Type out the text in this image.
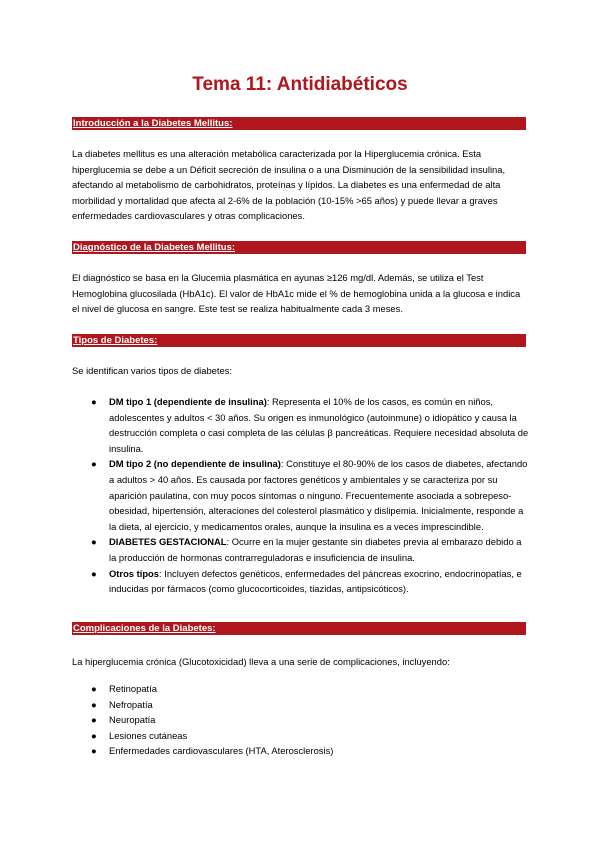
Tema 11: Antidiabéticos
Introducción a la Diabetes Mellitus:

La diabetes mellitus es una alteración metabólica caracterizada por la Hiperglucemia crónica. Esta hiperglucemia se debe a un Déficit secreción de insulina o a una Disminución de la sensibilidad insulina, afectando al metabolismo de carbohidratos, proteínas y lípidos. La diabetes es una enfermedad de alta morbilidad y mortalidad que afecta al 2-6% de la población (10-15% >65 años) y puede llevar a graves enfermedades cardiovasculares y otras complicaciones.

Diagnóstico de la Diabetes Mellitus:

El diagnóstico se basa en la Glucemia plasmática en ayunas ≥126 mg/dl. Además, se utiliza el Test Hemoglobina glucosilada (HbA1c). El valor de HbA1c mide el % de hemoglobina unida a la glucosa e indica el nivel de glucosa en sangre. Este test se realiza habitualmente cada 3 meses.

Tipos de Diabetes:

Se identifican varios tipos de diabetes:

● DM tipo 1 (dependiente de insulina): Representa el 10% de los casos, es común en niños, adolescentes y adultos < 30 años. Su origen es inmunológico (autoinmune) o idiopático y causa la destrucción completa o casi completa de las células β pancreáticas. Requiere necesidad absoluta de insulina.
● DM tipo 2 (no dependiente de insulina): Constituye el 80-90% de los casos de diabetes, afectando a adultos > 40 años. Es causada por factores genéticos y ambientales y se caracteriza por su aparición paulatina, con muy pocos síntomas o ninguno. Frecuentemente asociada a sobrepeso-obesidad, hipertensión, alteraciones del colesterol plasmático y dislipemia. Inicialmente, responde a la dieta, al ejercicio, y medicamentos orales, aunque la insulina es a veces imprescindible.
● DIABETES GESTACIONAL: Ocurre en la mujer gestante sin diabetes previa al embarazo debido a la producción de hormonas contrarreguladoras e insuficiencia de insulina.
● Otros tipos: Incluyen defectos genéticos, enfermedades del páncreas exocrino, endocrinopatías, e inducidas por fármacos (como glucocorticoides, tiazidas, antipsicóticos).
Complicaciones de la Diabetes:

La hiperglucemia crónica (Glucotoxicidad) lleva a una serie de complicaciones, incluyendo:

● Retinopatía
● Nefropatía
● Neuropatía
● Lesiones cutáneas
● Enfermedades cardiovasculares (HTA, Aterosclerosis)
